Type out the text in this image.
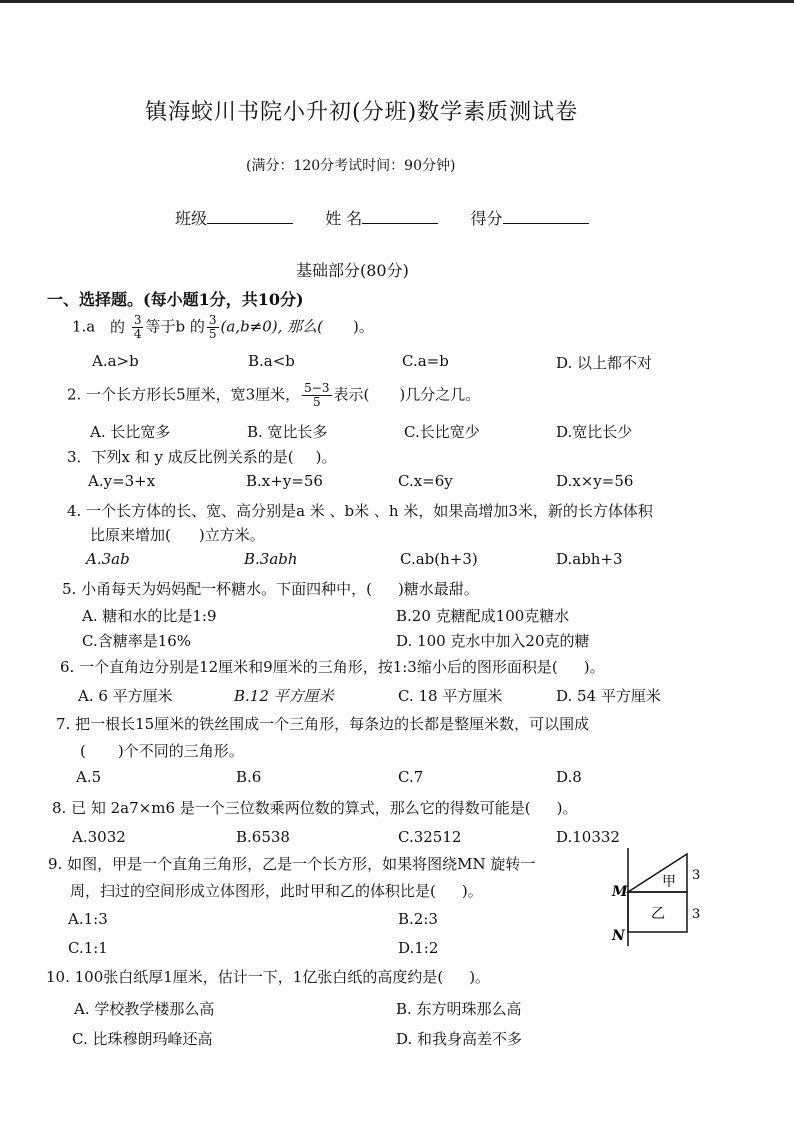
镇海蛟川书院小升初(分班)数学素质测试卷
(满分：120分考试时间：90分钟)
班级	姓 名	得分
基础部分(80分)
一、选择题。(每小题1分，共10分)
1.a 的 $\frac{3}{4}$ 等于b 的 $\frac{3}{5} (a,b\ne 0)$, 那么( )。
A.a>b	B.a<b	C.a=b	D. 以上都不对
2. 一个长方形长5厘米，宽3厘米， $\frac{5-3}{5}$ 表示( )几分之几。
A. 长比宽多	B. 宽比长多	C.长比宽少	D.宽比长少
3．下列x 和 y 成反比例关系的是( )。
A.y=3+x	B.x+y=56	C.x=6y	D.x×y=56
4. 一个长方体的长、宽、高分别是a 米 、b米 、h 米，如果高增加3米，新的长方体体积
比原来增加( )立方米。
A.3ab	B.3abh	C.ab(h+3)	D.abh+3
5. 小甬每天为妈妈配一杯糖水。下面四种中，( )糖水最甜。
A. 糖和水的比是1:9	B.20 克糖配成100克糖水
C.含糖率是16%	D. 100 克水中加入20克的糖
6. 一个直角边分别是12厘米和9厘米的三角形，按1:3缩小后的图形面积是( )。
A. 6 平方厘米	B.12 平方厘米	C. 18 平方厘米	D. 54 平方厘米
7. 把一根长15厘米的铁丝围成一个三角形，每条边的长都是整厘米数，可以围成
( )个不同的三角形。
A.5	B.6	C.7	D.8
8. 已 知 2a7×m6 是一个三位数乘两位数的算式，那么它的得数可能是( )。
A.3032	B.6538	C.32512	D.10332
9. 如图，甲是一个直角三角形，乙是一个长方形，如果将图绕MN 旋转一
周，扫过的空间形成立体图形，此时甲和乙的体积比是( )。
A.1:3	B.2:3
C.1:1	D.1:2
M
N
甲
乙
3
3
10. 100张白纸厚1厘米，估计一下，1亿张白纸的高度约是( )。
A. 学校教学楼那么高	B. 东方明珠那么高
C. 比珠穆朗玛峰还高	D. 和我身高差不多
